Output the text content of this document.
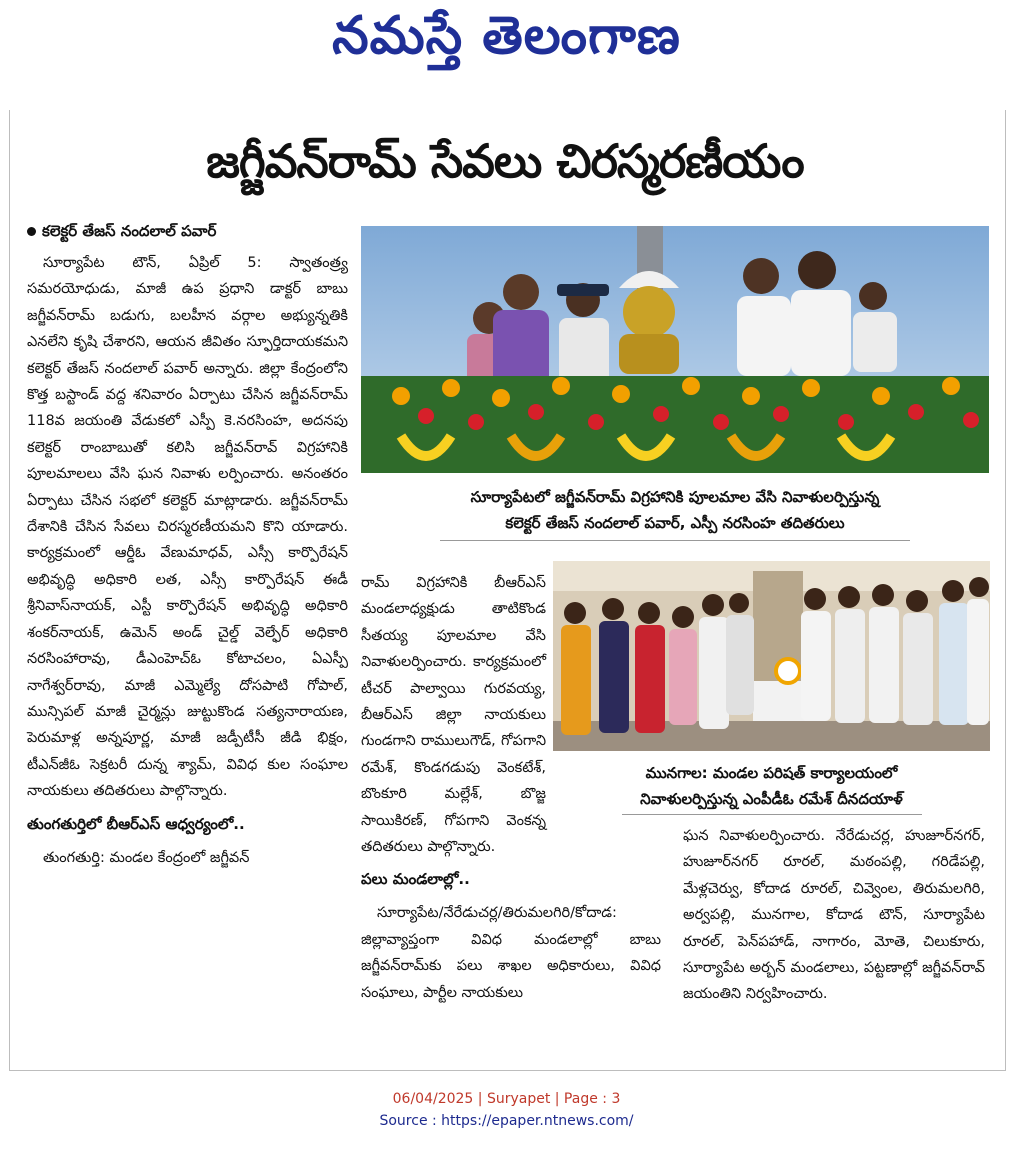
నమస్తే తెలంగాణ
జగ్జీవన్‌రామ్ సేవలు చిరస్మరణీయం
కలెక్టర్ తేజస్ నందలాల్ పవార్

సూర్యాపేట టౌన్, ఏప్రిల్ 5: స్వాతంత్ర్య సమరయోధుడు, మాజీ ఉప ప్రధాని డాక్టర్ బాబు జగ్జీవన్‌రామ్ బడుగు, బలహీన వర్గాల అభ్యున్నతికి ఎనలేని కృషి చేశారని, ఆయన జీవితం స్ఫూర్తిదాయకమని కలెక్టర్ తేజస్ నందలాల్ పవార్ అన్నారు. జిల్లా కేంద్రంలోని కొత్త బస్టాండ్ వద్ద శనివారం ఏర్పాటు చేసిన జగ్జీవన్‌రామ్ 118వ జయంతి వేడుకలో ఎస్పీ కె.నరసింహ, అదనపు కలెక్టర్ రాంబాబుతో కలిసి జగ్జీవన్‌రావ్ విగ్రహానికి పూలమాలలు వేసి ఘన నివాళు లర్పించారు. అనంతరం ఏర్పాటు చేసిన సభలో కలెక్టర్ మాట్లాడారు. జగ్జీవన్‌రామ్ దేశానికి చేసిన సేవలు చిరస్మరణీయమని కొని యాడారు. కార్యక్రమంలో ఆర్డీఓ వేణుమాధవ్, ఎస్సీ కార్పొరేషన్ అభివృద్ధి అధికారి లత, ఎస్సీ కార్పొరేషన్ ఈడీ శ్రీనివాస్‌నాయక్, ఎస్టీ కార్పొరేషన్ అభివృద్ధి అధికారి శంకర్‌నాయక్, ఉమెన్ అండ్ చైల్డ్ వెల్ఫేర్ అధికారి నరసింహారావు, డీఎంహెచ్ఓ కోటాచలం, ఏఎస్పీ నాగేశ్వర్‌రావు, మాజీ ఎమ్మెల్యే దోసపాటి గోపాల్, మున్సిపల్ మాజీ చైర్మన్లు జుట్టుకొండ సత్యనారాయణ, పెరుమాళ్ల అన్నపూర్ణ, మాజీ జడ్పీటీసీ జీడి భిక్షం, టీఎన్‌జీఓ సెక్రటరీ దున్న శ్యామ్, వివిధ కుల సంఘాల నాయకులు తదితరులు పాల్గొన్నారు.

తుంగతుర్తిలో బీఆర్ఎస్ ఆధ్వర్యంలో..

తుంగతుర్తి: మండల కేంద్రంలో జగ్జీవన్

సూర్యాపేటలో జగ్జీవన్‌రామ్ విగ్రహానికి పూలమాల వేసి నివాళులర్పిస్తున్న
కలెక్టర్ తేజస్ నందలాల్ పవార్, ఎస్పీ నరసింహ తదితరులు

రామ్ విగ్రహానికి బీఆర్ఎస్ మండలాధ్యక్షుడు తాటికొండ సీతయ్య పూలమాల వేసి నివాళులర్పించారు. కార్యక్రమంలో టీచర్ పాల్వాయి గురవయ్య, బీఆర్ఎస్ జిల్లా నాయకులు గుండగాని రాములుగౌడ్, గోపగాని రమేశ్, కొండగడుపు వెంకటేశ్, బొంకూరి మల్లేశ్, బొజ్జ సాయికిరణ్, గోపగాని వెంకన్న తదితరులు పాల్గొన్నారు.

పలు మండలాల్లో..

సూర్యాపేట/నేరేడుచర్ల/తిరుమలగిరి/కోదాడ: జిల్లావ్యాప్తంగా వివిధ మండలాల్లో బాబు జగ్జీవన్‌రామ్‌కు పలు శాఖల అధికారులు, వివిధ సంఘాలు, పార్టీల నాయకులు

మునగాల: మండల పరిషత్ కార్యాలయంలో
నివాళులర్పిస్తున్న ఎంపీడీఓ రమేశ్ దీనదయాళ్

ఘన నివాళులర్పించారు. నేరేడుచర్ల, హుజూర్‌నగర్, హుజూర్‌నగర్ రూరల్, మఠంపల్లి, గరిడేపల్లి, మేళ్లచెర్వు, కోదాడ రూరల్, చివ్వెంల, తిరుమలగిరి, అర్వపల్లి, మునగాల, కోదాడ టౌన్, సూర్యాపేట రూరల్, పెన్‌పహాడ్, నాగారం, మోతె, చిలుకూరు, సూర్యాపేట అర్బన్ మండలాలు, పట్టణాల్లో జగ్జీవన్‌రావ్ జయంతిని నిర్వహించారు.

06/04/2025 | Suryapet | Page : 3
Source : https://epaper.ntnews.com/
